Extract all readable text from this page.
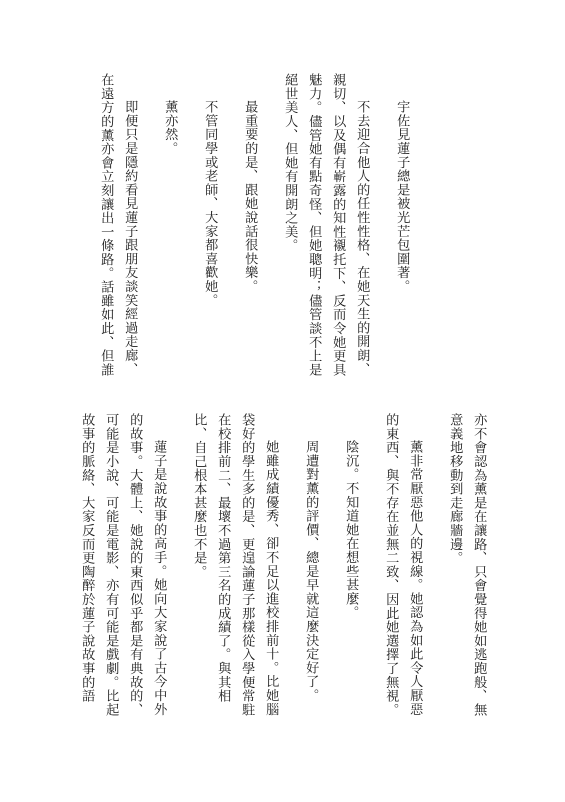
宇佐見蓮子總是被光芒包圍著。

不去迎合他人的任性性格、在她天生的開朗、

親切、以及偶有嶄露的知性襯托下、反而令她更具

魅力。儘管她有點奇怪、但她聰明；儘管談不上是

絕世美人、但她有開朗之美。

最重要的是、跟她說話很快樂。

不管同學或老師、大家都喜歡她。

薰亦然。

即便只是隱約看見蓮子跟朋友談笑經過走廊、

在遠方的薰亦會立刻讓出一條路。話雖如此、但誰

亦不會認為薰是在讓路、只會覺得她如逃跑般、無

意義地移動到走廊牆邊。

薰非常厭惡他人的視線。她認為如此令人厭惡

的東西、與不存在並無二致、因此她選擇了無視。

陰沉。不知道她在想些甚麼。

周遭對薰的評價、總是早就這麼決定好了。

她雖成績優秀、卻不足以進校排前十。比她腦

袋好的學生多的是、更遑論蓮子那樣從入學便常駐

在校排前二、最壞不過第三名的成績了。與其相

比、自己根本甚麼也不是。

蓮子是說故事的高手。她向大家說了古今中外

的故事。大體上、她說的東西似乎都是有典故的、

可能是小說、可能是電影、亦有可能是戲劇。比起

故事的脈絡、大家反而更陶醉於蓮子說故事的語
